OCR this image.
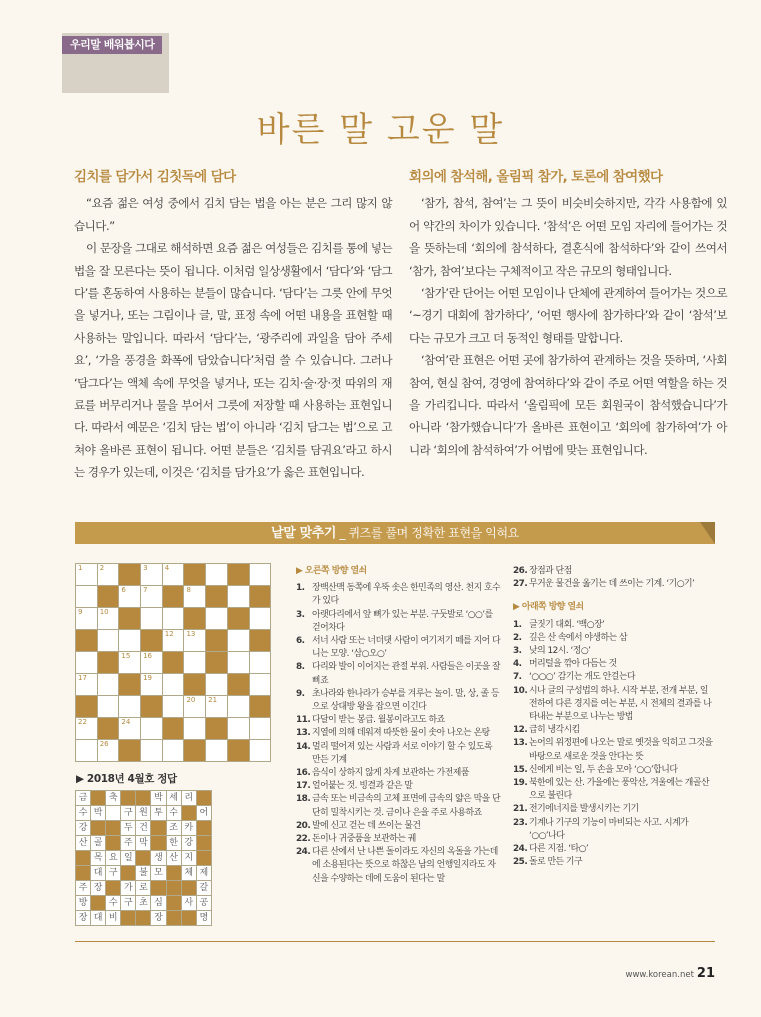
우리말 배워봅시다
바른 말 고운 말
김치를 담가서 김칫독에 담다

“요즘 젊은 여성 중에서 김치 담는 법을 아는 분은 그리 많지 않습니다.”

이 문장을 그대로 해석하면 요즘 젊은 여성들은 김치를 통에 넣는 법을 잘 모른다는 뜻이 됩니다. 이처럼 일상생활에서 ‘담다’와 ‘담그다’를 혼동하여 사용하는 분들이 많습니다. ‘담다’는 그릇 안에 무엇을 넣거나, 또는 그림이나 글, 말, 표정 속에 어떤 내용을 표현할 때 사용하는 말입니다. 따라서 ‘담다’는, ‘광주리에 과일을 담아 주세요’, ‘가을 풍경을 화폭에 담았습니다’처럼 쓸 수 있습니다. 그러나 ‘담그다’는 액체 속에 무엇을 넣거나, 또는 김치·술·장·젓 따위의 재료를 버무리거나 물을 부어서 그릇에 저장할 때 사용하는 표현입니다. 따라서 예문은 ‘김치 담는 법’이 아니라 ‘김치 담그는 법’으로 고쳐야 올바른 표현이 됩니다. 어떤 분들은 ‘김치를 담궈요’라고 하시는 경우가 있는데, 이것은 ‘김치를 담가요’가 옳은 표현입니다.

회의에 참석해, 올림픽 참가, 토론에 참여했다

‘참가, 참석, 참여’는 그 뜻이 비슷비슷하지만, 각각 사용함에 있어 약간의 차이가 있습니다. ‘참석’은 어떤 모임 자리에 들어가는 것을 뜻하는데 ‘회의에 참석하다, 결혼식에 참석하다’와 같이 쓰여서 ‘참가, 참여’보다는 구체적이고 작은 규모의 형태입니다.

‘참가’란 단어는 어떤 모임이나 단체에 관계하여 들어가는 것으로 ‘~경기 대회에 참가하다’, ‘어떤 행사에 참가하다’와 같이 ‘참석’보다는 규모가 크고 더 동적인 형태를 말합니다.

‘참여’란 표현은 어떤 곳에 참가하여 관계하는 것을 뜻하며, ‘사회 참여, 현실 참여, 경영에 참여하다’와 같이 주로 어떤 역할을 하는 것을 가리킵니다. 따라서 ‘올림픽에 모든 회원국이 참석했습니다’가 아니라 ‘참가했습니다’가 올바른 표현이고 ‘회의에 참가하여’가 아니라 ‘회의에 참석하여’가 어법에 맞는 표현입니다.

낱말 맞추기 _ 퀴즈를 풀며 정확한 표현을 익혀요
1 2	3 4
6 7	8
9 10
12 13
15 16
17	19
20 21
22	24
26
▶ 2018년 4월호 정답
금	축	박 세 리
수 박	구 원 투 수	어
강	두 건	조 카
산 골	주 막	한 강
목 요 일	생 산 지
대 구	불 모	체 제
주 장	가 로	갈
방	수 구 초 심	사 공
장 대 비	장	명
▶ 오른쪽 방향 열쇠
1. 장백산맥 동쪽에 우뚝 솟은 한민족의 영산. 천지 호수가 있다
3. 아랫다리에서 앞 뼈가 있는 부분. 구둣발로 ‘○○’를 걷어차다
6. 서너 사람 또는 너더댓 사람이 여기저기 떼를 지어 다니는 모양. ‘삼○오○’
8. 다리와 발이 이어지는 관절 부위. 사람들은 이곳을 잘 삐죠
9. 초나라와 한나라가 승부를 겨루는 놀이. 말, 상, 졸 등으로 상대방 왕을 잡으면 이긴다
11. 다달이 받는 봉급. 월봉이라고도 하죠
13. 지열에 의해 데워져 따뜻한 물이 솟아 나오는 온탕
14. 멀리 떨어져 있는 사람과 서로 이야기 할 수 있도록 만든 기계
16. 음식이 상하지 않게 차게 보관하는 가전제품
17. 얼어붙는 것. 빙결과 같은 말
18. 금속 또는 비금속의 고체 표면에 금속의 얇은 막을 단단히 밀착시키는 것. 금이나 은을 주로 사용하죠
20. 발에 신고 걷는 데 쓰이는 물건
22. 돈이나 귀중품을 보관하는 궤
24. 다른 산에서 난 나쁜 돌이라도 자신의 옥돌을 가는데에 소용된다는 뜻으로 하찮은 남의 언행일지라도 자신을 수양하는 데에 도움이 된다는 말
26. 장점과 단점
27. 무거운 물건을 옮기는 데 쓰이는 기계. ‘기○기’
▶ 아래쪽 방향 열쇠
1. 글짓기 대회. ‘백○장’
2. 깊은 산 속에서 야생하는 삼
3. 낮의 12시. ‘정○’
4. 머리털을 깎아 다듬는 것
7. ‘○○○’ 감기는 개도 안걸는다
10. 시나 글의 구성법의 하나. 시작 부분, 전개 부분, 일전하여 다른 경지를 여는 부분, 시 전체의 결과를 나타내는 부분으로 나누는 방법
12. 급히 냉각시킴
13. 논어의 위정편에 나오는 말로 옛것을 익히고 그것을 바탕으로 새로운 것을 안다는 뜻
15. 신에게 비는 일, 두 손을 모아 ‘○○’합니다
19. 북한에 있는 산. 가을에는 풍악산, 겨울에는 개골산으로 불린다
21. 전기에너지를 발생시키는 기기
23. 기계나 기구의 기능이 마비되는 사고. 시계가 ‘○○’나다
24. 다른 지점. ‘타○’
25. 돌로 만든 기구
www.korean.net 21
